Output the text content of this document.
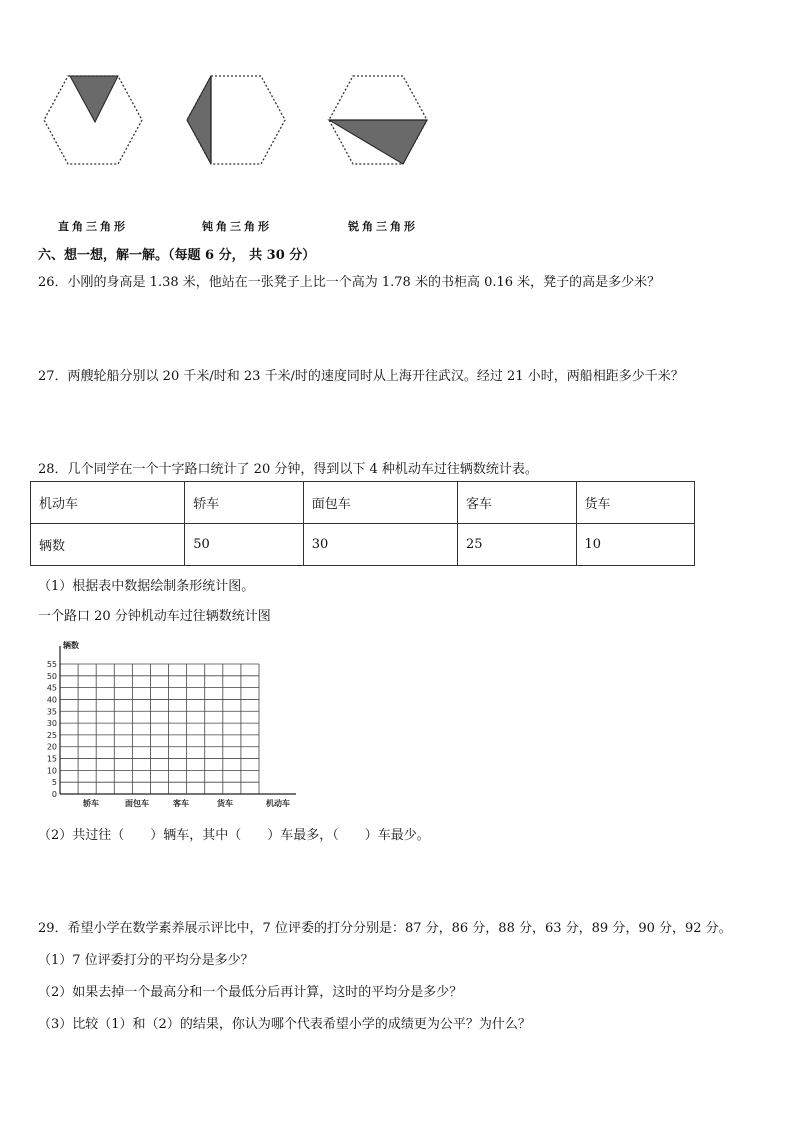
直角三角形	钝角三角形	锐角三角形
六、想一想，解一解。（每题 6 分， 共 30 分）
26．小刚的身高是 1.38 米，他站在一张凳子上比一个高为 1.78 米的书柜高 0.16 米，凳子的高是多少米？
27．两艘轮船分别以 20 千米/时和 23 千米/时的速度同时从上海开往武汉。经过 21 小时，两船相距多少千米？
28．几个同学在一个十字路口统计了 20 分钟，得到以下 4 种机动车过往辆数统计表。
机动车	轿车	面包车	客车	货车
辆数	50	30	25	10
（1）根据表中数据绘制条形统计图。
一个路口 20 分钟机动车过往辆数统计图
0
5
10
15
20
25
30
35
40
45
50
55
辆数
轿车	面包车	客车	货车	机动车
（2）共过往（　　）辆车，其中（　　）车最多，（　　）车最少。
29．希望小学在数学素养展示评比中，7 位评委的打分分别是：87 分，86 分，88 分，63 分，89 分，90 分，92 分。
（1）7 位评委打分的平均分是多少？
（2）如果去掉一个最高分和一个最低分后再计算，这时的平均分是多少？
（3）比较（1）和（2）的结果，你认为哪个代表希望小学的成绩更为公平？为什么？
